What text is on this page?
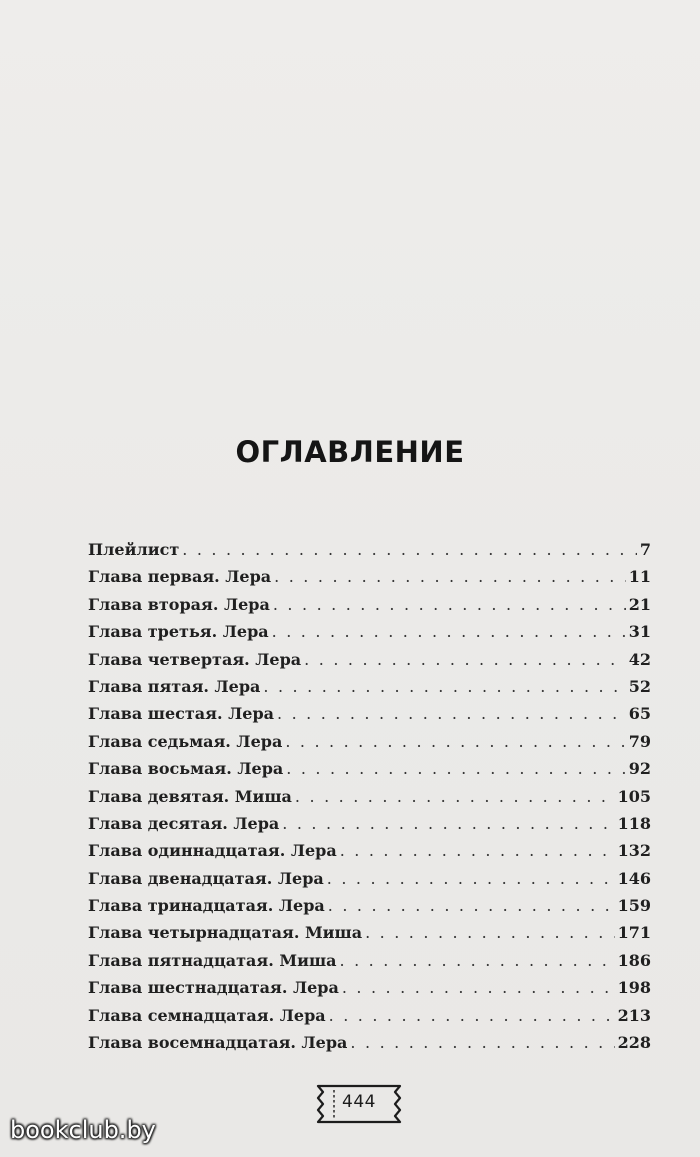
ОГЛАВЛЕНИЕ
Плейлист . . .	7
Глава первая. Лера . . .	11
Глава вторая. Лера . . .	21
Глава третья. Лера . . .	31
Глава четвертая. Лера . . .	42
Глава пятая. Лера . . .	52
Глава шестая. Лера . . .	65
Глава седьмая. Лера . . .	79
Глава восьмая. Лера . . .	92
Глава девятая. Миша . . .	105
Глава десятая. Лера . . .	118
Глава одиннадцатая. Лера . . .	132
Глава двенадцатая. Лера . . .	146
Глава тринадцатая. Лера . . .	159
Глава четырнадцатая. Миша . . .	171
Глава пятнадцатая. Миша . . .	186
Глава шестнадцатая. Лера . . .	198
Глава семнадцатая. Лера . . .	213
Глава восемнадцатая. Лера . . .	228
444
bookclub.by
